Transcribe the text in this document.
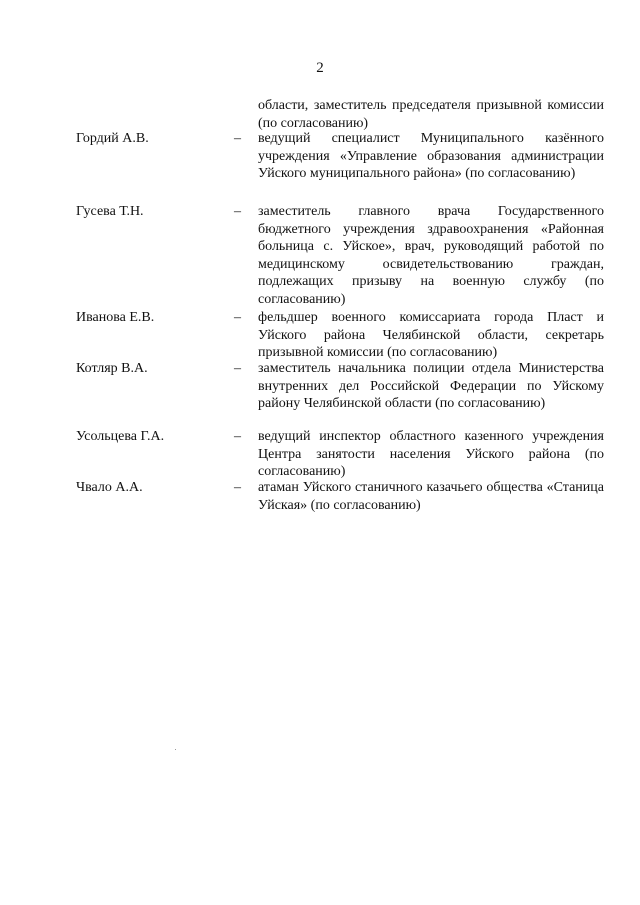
2
области, заместитель председателя призывной комиссии (по согласованию)
Гордий А.В.	– ведущий специалист Муниципального казённого учреждения «Управление образования администрации Уйского муниципального района» (по согласованию)
Гусева Т.Н.	– заместитель главного врача Государственного бюджетного учреждения здравоохранения «Районная больница с. Уйское», врач, руководящий работой по медицинскому освидетельствованию граждан, подлежащих призыву на военную службу (по согласованию)
Иванова Е.В.	– фельдшер военного комиссариата города Пласт и Уйского района Челябинской области, секретарь призывной комиссии (по согласованию)
Котляр В.А.	– заместитель начальника полиции отдела Министерства внутренних дел Российской Федерации по Уйскому району Челябинской области (по согласованию)
Усольцева Г.А.	– ведущий инспектор областного казенного учреждения Центра занятости населения Уйского района (по согласованию)
Чвало А.А.	– атаман Уйского станичного казачьего общества «Станица Уйская» (по согласованию)
